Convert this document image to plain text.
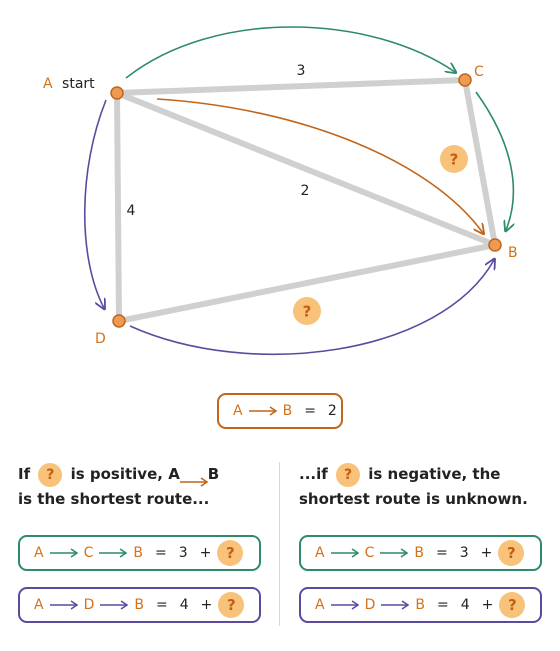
3
2
4
?
?
A start
B
C
D
A	B = 2
If ? is positive, A B
is the shortest route...
...if ? is negative, the
shortest route is unknown.
A	C	B = 3 + ?
A	D	B = 4 + ?
A	C	B = 3 + ?
A	D	B = 4 + ?
